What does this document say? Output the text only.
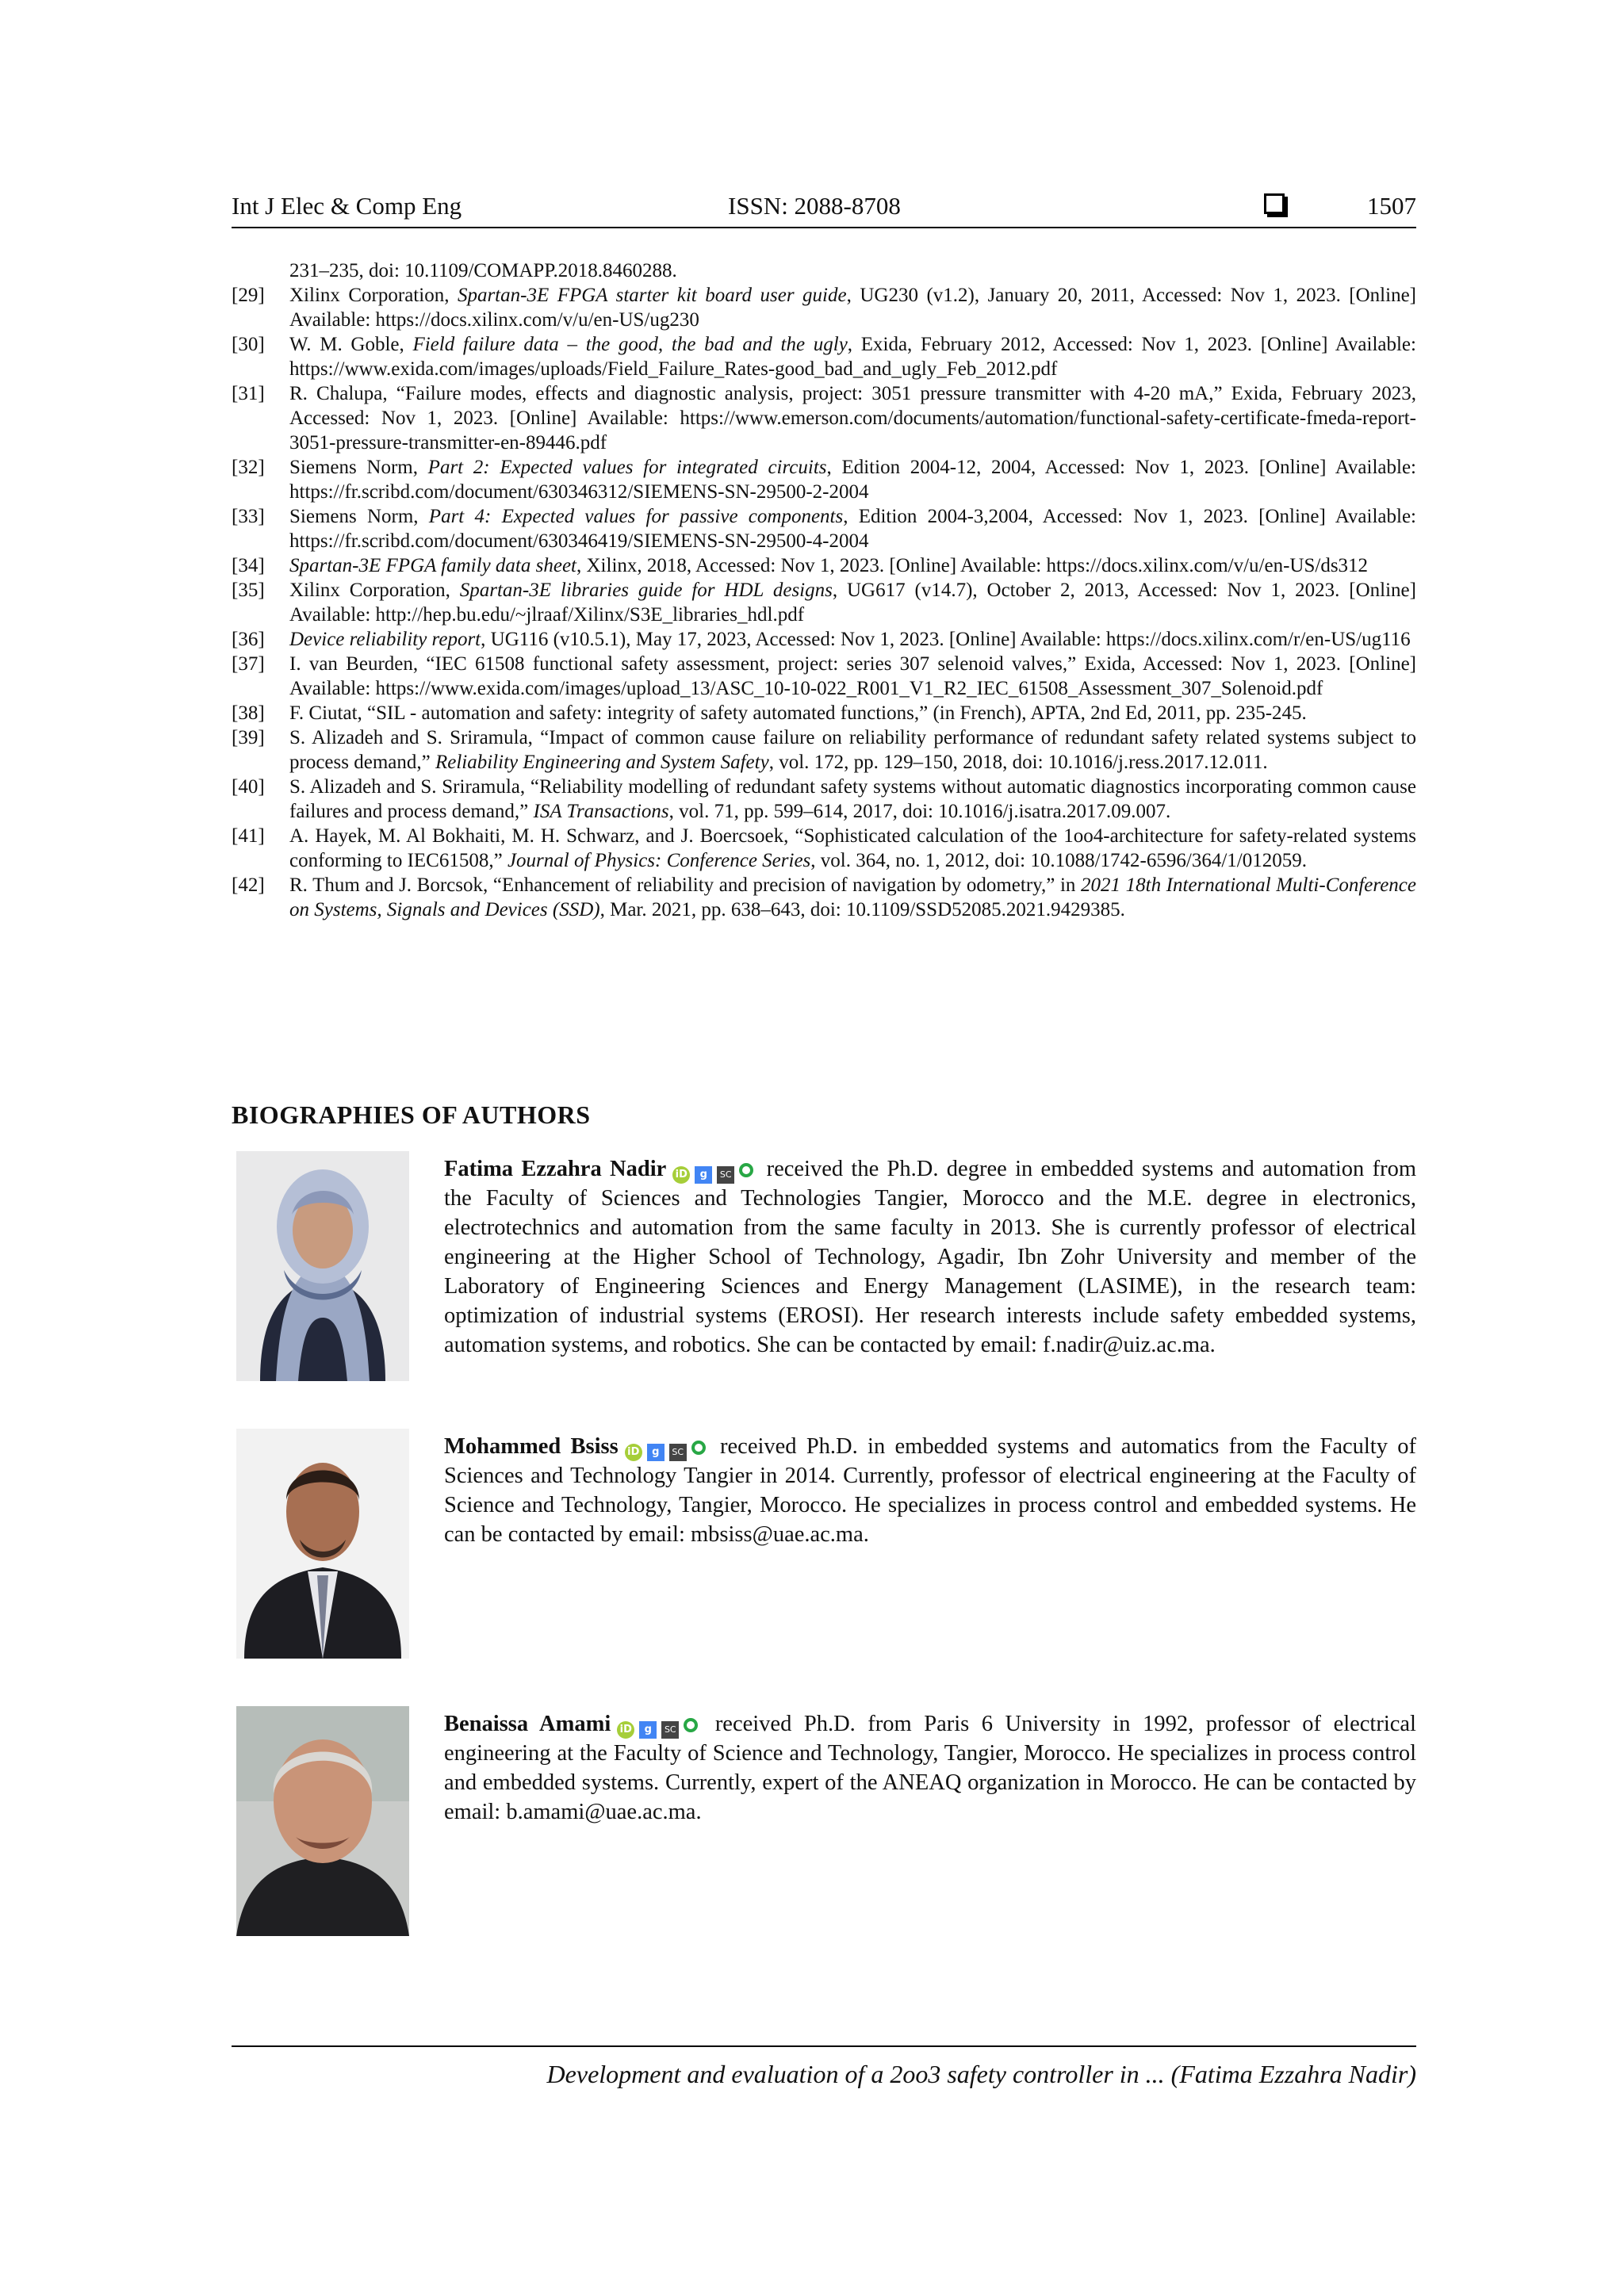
Int J Elec & Comp Eng	ISSN: 2088-8708	1507
231–235, doi: 10.1109/COMAPP.2018.8460288.
[29] Xilinx Corporation, Spartan-3E FPGA starter kit board user guide, UG230 (v1.2), January 20, 2011, Accessed: Nov 1, 2023. [Online] Available: https://docs.xilinx.com/v/u/en-US/ug230
[30] W. M. Goble, Field failure data – the good, the bad and the ugly, Exida, February 2012, Accessed: Nov 1, 2023. [Online] Available: https://www.exida.com/images/uploads/Field_Failure_Rates-good_bad_and_ugly_Feb_2012.pdf
[31] R. Chalupa, “Failure modes, effects and diagnostic analysis, project: 3051 pressure transmitter with 4-20 mA,” Exida, February 2023, Accessed: Nov 1, 2023. [Online] Available: https://www.emerson.com/documents/automation/functional-safety-certificate-fmeda-report-3051-pressure-transmitter-en-89446.pdf
[32] Siemens Norm, Part 2: Expected values for integrated circuits, Edition 2004-12, 2004, Accessed: Nov 1, 2023. [Online] Available: https://fr.scribd.com/document/630346312/SIEMENS-SN-29500-2-2004
[33] Siemens Norm, Part 4: Expected values for passive components, Edition 2004-3,2004, Accessed: Nov 1, 2023. [Online] Available: https://fr.scribd.com/document/630346419/SIEMENS-SN-29500-4-2004
[34] Spartan-3E FPGA family data sheet, Xilinx, 2018, Accessed: Nov 1, 2023. [Online] Available: https://docs.xilinx.com/v/u/en-US/ds312
[35] Xilinx Corporation, Spartan-3E libraries guide for HDL designs, UG617 (v14.7), October 2, 2013, Accessed: Nov 1, 2023. [Online] Available: http://hep.bu.edu/~jlraaf/Xilinx/S3E_libraries_hdl.pdf
[36] Device reliability report, UG116 (v10.5.1), May 17, 2023, Accessed: Nov 1, 2023. [Online] Available: https://docs.xilinx.com/r/en-US/ug116
[37] I. van Beurden, “IEC 61508 functional safety assessment, project: series 307 selenoid valves,” Exida, Accessed: Nov 1, 2023. [Online] Available: https://www.exida.com/images/upload_13/ASC_10-10-022_R001_V1_R2_IEC_61508_Assessment_307_Solenoid.pdf
[38] F. Ciutat, “SIL - automation and safety: integrity of safety automated functions,” (in French), APTA, 2nd Ed, 2011, pp. 235-245.
[39] S. Alizadeh and S. Sriramula, “Impact of common cause failure on reliability performance of redundant safety related systems subject to process demand,” Reliability Engineering and System Safety, vol. 172, pp. 129–150, 2018, doi: 10.1016/j.ress.2017.12.011.
[40] S. Alizadeh and S. Sriramula, “Reliability modelling of redundant safety systems without automatic diagnostics incorporating common cause failures and process demand,” ISA Transactions, vol. 71, pp. 599–614, 2017, doi: 10.1016/j.isatra.2017.09.007.
[41] A. Hayek, M. Al Bokhaiti, M. H. Schwarz, and J. Boercsoek, “Sophisticated calculation of the 1oo4-architecture for safety-related systems conforming to IEC61508,” Journal of Physics: Conference Series, vol. 364, no. 1, 2012, doi: 10.1088/1742-6596/364/1/012059.
[42] R. Thum and J. Borcsok, “Enhancement of reliability and precision of navigation by odometry,” in 2021 18th International Multi-Conference on Systems, Signals and Devices (SSD), Mar. 2021, pp. 638–643, doi: 10.1109/SSD52085.2021.9429385.
BIOGRAPHIES OF AUTHORS
Fatima Ezzahra Nadir iD g SC received the Ph.D. degree in embedded systems and automation from the Faculty of Sciences and Technologies Tangier, Morocco and the M.E. degree in electronics, electrotechnics and automation from the same faculty in 2013. She is currently professor of electrical engineering at the Higher School of Technology, Agadir, Ibn Zohr University and member of the Laboratory of Engineering Sciences and Energy Management (LASIME), in the research team: optimization of industrial systems (EROSI). Her research interests include safety embedded systems, automation systems, and robotics. She can be contacted by email: f.nadir@uiz.ac.ma.
Mohammed Bsiss iD g SC received Ph.D. in embedded systems and automatics from the Faculty of Sciences and Technology Tangier in 2014. Currently, professor of electrical engineering at the Faculty of Science and Technology, Tangier, Morocco. He specializes in process control and embedded systems. He can be contacted by email: mbsiss@uae.ac.ma.
Benaissa Amami iD g SC received Ph.D. from Paris 6 University in 1992, professor of electrical engineering at the Faculty of Science and Technology, Tangier, Morocco. He specializes in process control and embedded systems. Currently, expert of the ANEAQ organization in Morocco. He can be contacted by email: b.amami@uae.ac.ma.
Development and evaluation of a 2oo3 safety controller in ... (Fatima Ezzahra Nadir)
